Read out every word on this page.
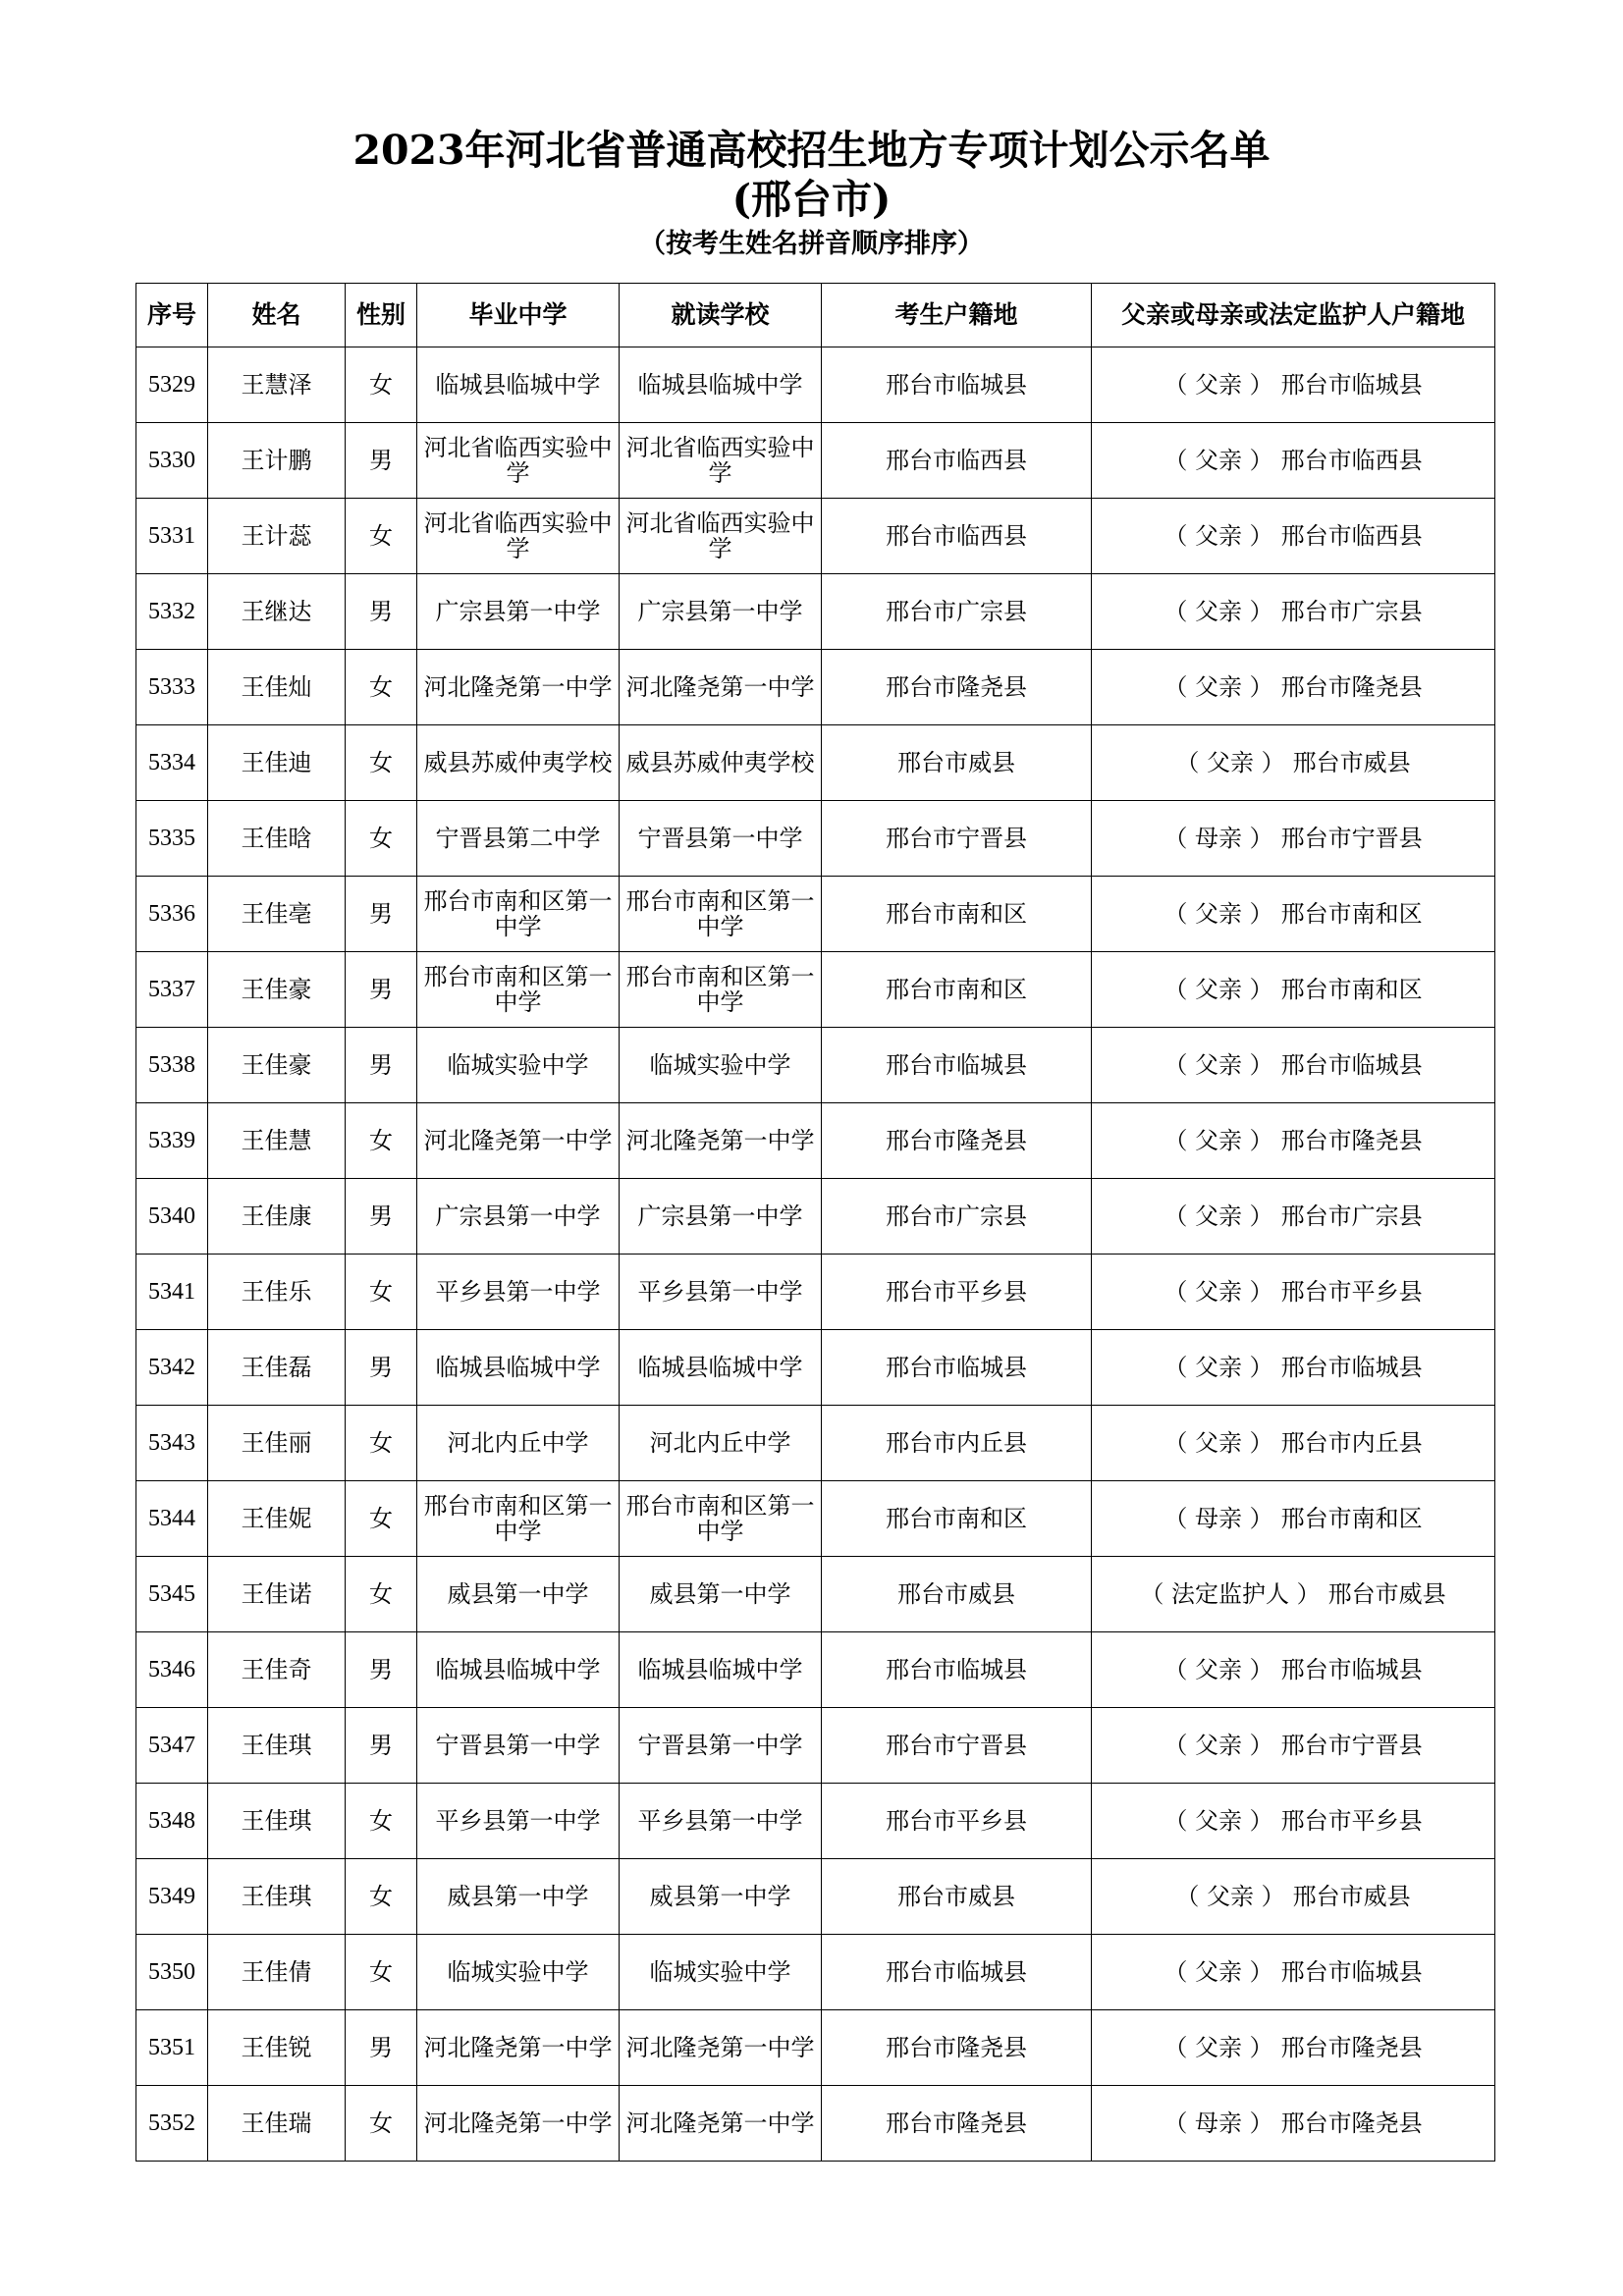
2023年河北省普通高校招生地方专项计划公示名单
(邢台市)
（按考生姓名拼音顺序排序）
序号	姓名	性别	毕业中学	就读学校	考生户籍地	父亲或母亲或法定监护人户籍地
5329	王慧泽	女	临城县临城中学	临城县临城中学	邢台市临城县	（ 父亲 ） 邢台市临城县
5330	王计鹏	男	河北省临西实验中学	河北省临西实验中学	邢台市临西县	（ 父亲 ） 邢台市临西县
5331	王计蕊	女	河北省临西实验中学	河北省临西实验中学	邢台市临西县	（ 父亲 ） 邢台市临西县
5332	王继达	男	广宗县第一中学	广宗县第一中学	邢台市广宗县	（ 父亲 ） 邢台市广宗县
5333	王佳灿	女	河北隆尧第一中学	河北隆尧第一中学	邢台市隆尧县	（ 父亲 ） 邢台市隆尧县
5334	王佳迪	女	威县苏威仲夷学校	威县苏威仲夷学校	邢台市威县	（ 父亲 ） 邢台市威县
5335	王佳晗	女	宁晋县第二中学	宁晋县第一中学	邢台市宁晋县	（ 母亲 ） 邢台市宁晋县
5336	王佳亳	男	邢台市南和区第一中学	邢台市南和区第一中学	邢台市南和区	（ 父亲 ） 邢台市南和区
5337	王佳豪	男	邢台市南和区第一中学	邢台市南和区第一中学	邢台市南和区	（ 父亲 ） 邢台市南和区
5338	王佳豪	男	临城实验中学	临城实验中学	邢台市临城县	（ 父亲 ） 邢台市临城县
5339	王佳慧	女	河北隆尧第一中学	河北隆尧第一中学	邢台市隆尧县	（ 父亲 ） 邢台市隆尧县
5340	王佳康	男	广宗县第一中学	广宗县第一中学	邢台市广宗县	（ 父亲 ） 邢台市广宗县
5341	王佳乐	女	平乡县第一中学	平乡县第一中学	邢台市平乡县	（ 父亲 ） 邢台市平乡县
5342	王佳磊	男	临城县临城中学	临城县临城中学	邢台市临城县	（ 父亲 ） 邢台市临城县
5343	王佳丽	女	河北内丘中学	河北内丘中学	邢台市内丘县	（ 父亲 ） 邢台市内丘县
5344	王佳妮	女	邢台市南和区第一中学	邢台市南和区第一中学	邢台市南和区	（ 母亲 ） 邢台市南和区
5345	王佳诺	女	威县第一中学	威县第一中学	邢台市威县	（ 法定监护人 ） 邢台市威县
5346	王佳奇	男	临城县临城中学	临城县临城中学	邢台市临城县	（ 父亲 ） 邢台市临城县
5347	王佳琪	男	宁晋县第一中学	宁晋县第一中学	邢台市宁晋县	（ 父亲 ） 邢台市宁晋县
5348	王佳琪	女	平乡县第一中学	平乡县第一中学	邢台市平乡县	（ 父亲 ） 邢台市平乡县
5349	王佳琪	女	威县第一中学	威县第一中学	邢台市威县	（ 父亲 ） 邢台市威县
5350	王佳倩	女	临城实验中学	临城实验中学	邢台市临城县	（ 父亲 ） 邢台市临城县
5351	王佳锐	男	河北隆尧第一中学	河北隆尧第一中学	邢台市隆尧县	（ 父亲 ） 邢台市隆尧县
5352	王佳瑞	女	河北隆尧第一中学	河北隆尧第一中学	邢台市隆尧县	（ 母亲 ） 邢台市隆尧县
